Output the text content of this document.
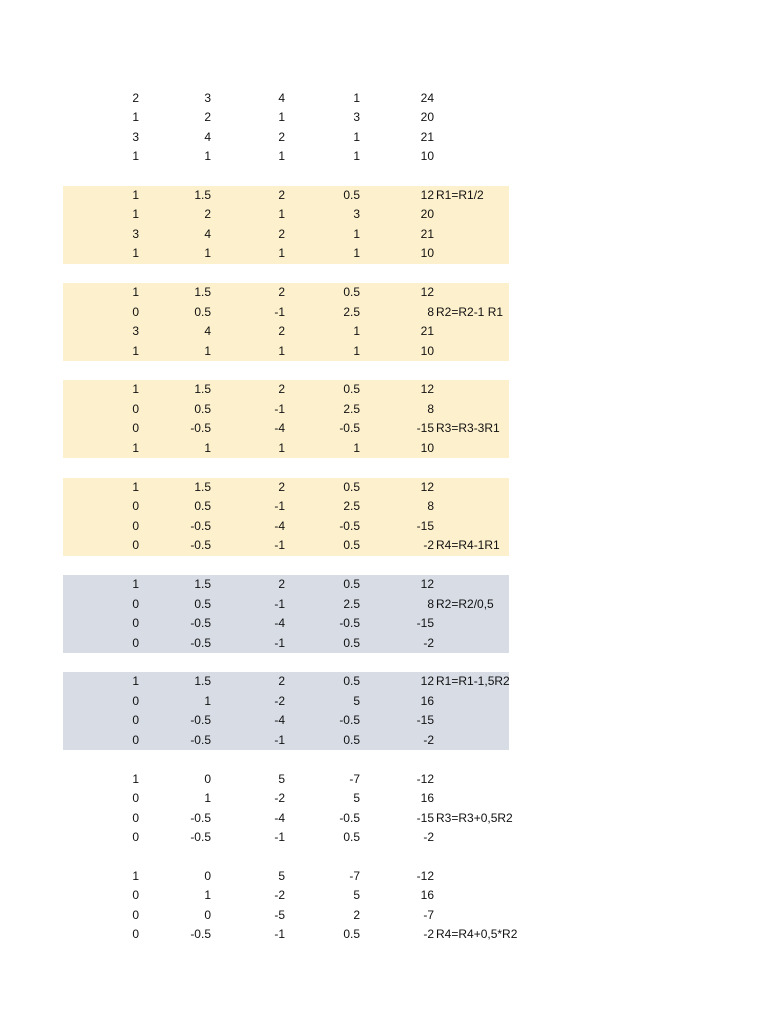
2	3	4	1	24
1	2	1	3	20
3	4	2	1	21
1	1	1	1	10
1	1.5	2	0.5	12 R1=R1/2
1	2	1	3	20
3	4	2	1	21
1	1	1	1	10
1	1.5	2	0.5	12
0	0.5	-1	2.5	8 R2=R2-1 R1
3	4	2	1	21
1	1	1	1	10
1	1.5	2	0.5	12
0	0.5	-1	2.5	8
0	-0.5	-4	-0.5	-15 R3=R3-3R1
1	1	1	1	10
1	1.5	2	0.5	12
0	0.5	-1	2.5	8
0	-0.5	-4	-0.5	-15
0	-0.5	-1	0.5	-2 R4=R4-1R1
1	1.5	2	0.5	12
0	0.5	-1	2.5	8 R2=R2/0,5
0	-0.5	-4	-0.5	-15
0	-0.5	-1	0.5	-2
1	1.5	2	0.5	12 R1=R1-1,5R2
0	1	-2	5	16
0	-0.5	-4	-0.5	-15
0	-0.5	-1	0.5	-2
1	0	5	-7	-12
0	1	-2	5	16
0	-0.5	-4	-0.5	-15 R3=R3+0,5R2
0	-0.5	-1	0.5	-2
1	0	5	-7	-12
0	1	-2	5	16
0	0	-5	2	-7
0	-0.5	-1	0.5	-2 R4=R4+0,5*R2
